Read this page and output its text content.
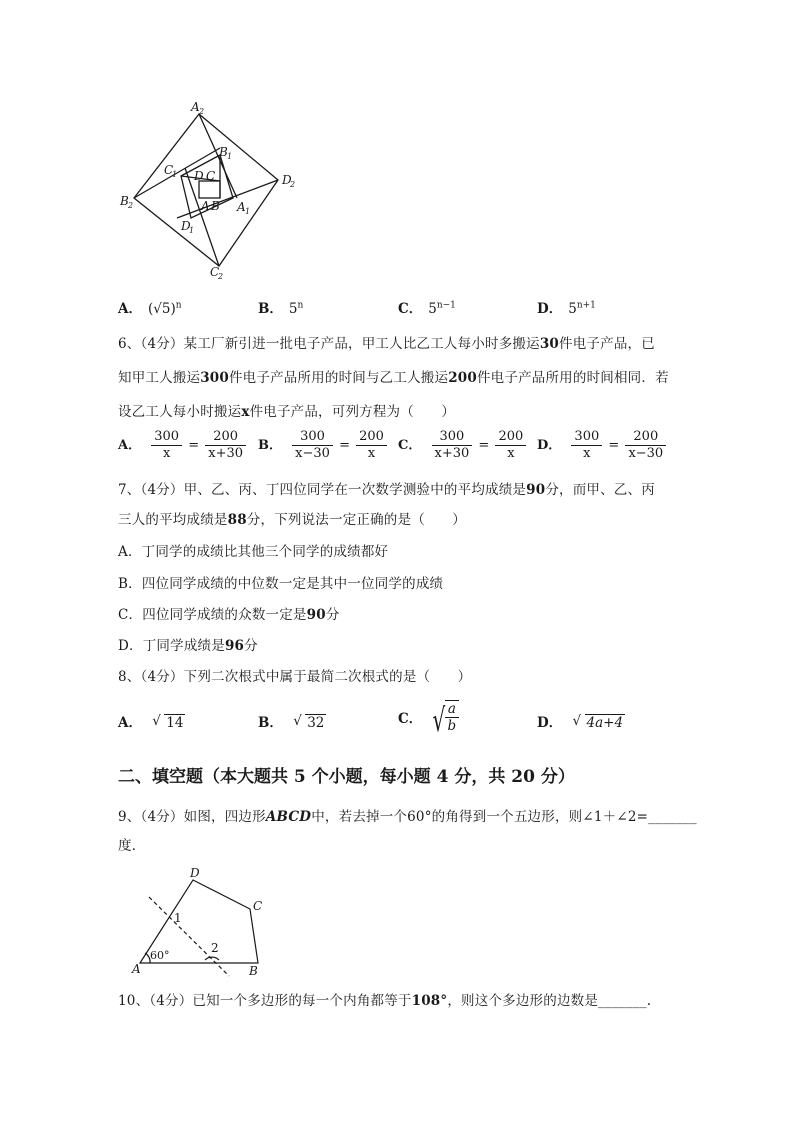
A 2
B 1
D
2
C
1 D C
B 2	A B A 1
D
1
C
2
A． $(√5)^n$	B． 5$^n$	C． $5^{n-1}$	D． $5^{n+1}$
6、（4分）某工厂新引进一批电子产品，甲工人比乙工人每小时多搬运30件电子产品，已
知甲工人搬运300件电子产品所用的时间与乙工人搬运200件电子产品所用的时间相同．若
设乙工人每小时搬运x件电子产品，可列方程为（　　）
A． $\frac{300}{x} = \frac{200}{x+30}$ B． $\frac{300}{x-30} = \frac{200}{x}$ C． $\frac{300}{x+30} = \frac{200}{x}$ D． $\frac{300}{x} = \frac{200}{x-30}$
7、（4分）甲、乙、丙、丁四位同学在一次数学测验中的平均成绩是90分，而甲、乙、丙
三人的平均成绩是88分，下列说法一定正确的是（　　）
A．丁同学的成绩比其他三个同学的成绩都好
B．四位同学成绩的中位数一定是其中一位同学的成绩
C．四位同学成绩的众数一定是90分
D．丁同学成绩是96分
8、（4分）下列二次根式中属于最简二次根式的是（　　）
A． √ 14	B． √ 32	C． √ $\frac{a}{b}$	D． √ 4a+4
二、填空题（本大题共 5 个小题，每小题 4 分，共 20 分）
9、（4分）如图，四边形ABCD中，若去掉一个60°的角得到一个五边形，则∠1＋∠2=_______
度．
D
C
A	B
1
2
60°
10、（4分）已知一个多边形的每一个内角都等于108°，则这个多边形的边数是_______.
